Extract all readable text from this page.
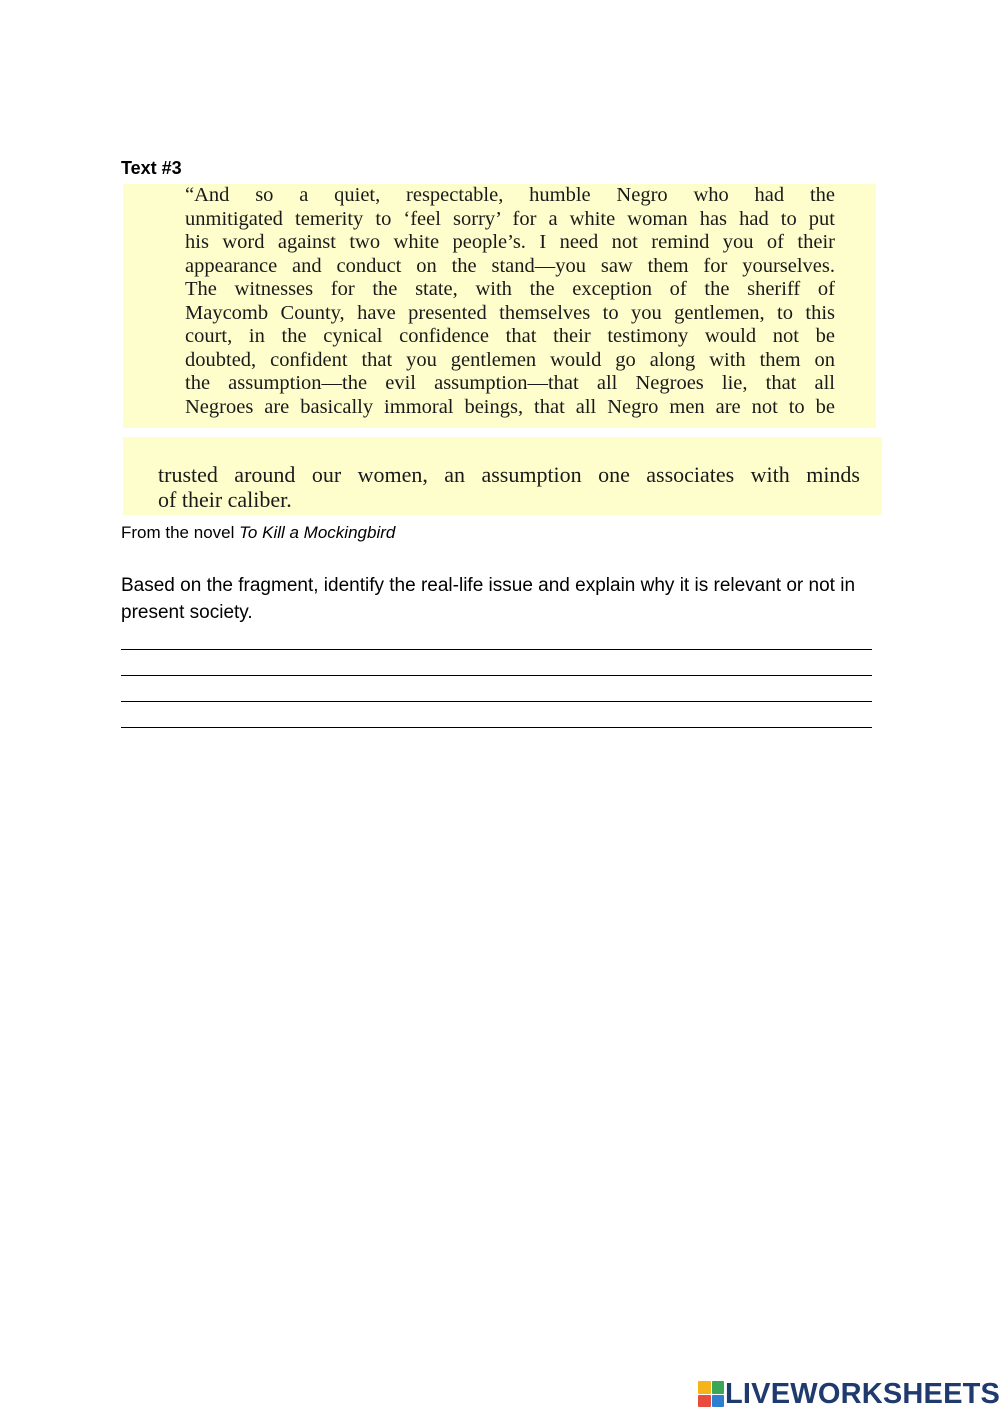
Text #3
“And so a quiet, respectable, humble Negro who had the
unmitigated temerity to ‘feel sorry’ for a white woman has had to put
his word against two white people’s. I need not remind you of their
appearance and conduct on the stand—you saw them for yourselves.
The witnesses for the state, with the exception of the sheriff of
Maycomb County, have presented themselves to you gentlemen, to this
court, in the cynical confidence that their testimony would not be
doubted, confident that you gentlemen would go along with them on
the assumption—the evil assumption—that all Negroes lie, that all
Negroes are basically immoral beings, that all Negro men are not to be
trusted around our women, an assumption one associates with minds
of their caliber.
From the novel To Kill a Mockingbird
Based on the fragment, identify the real-life issue and explain why it is relevant or not in present society.
LIVEWORKSHEETS
